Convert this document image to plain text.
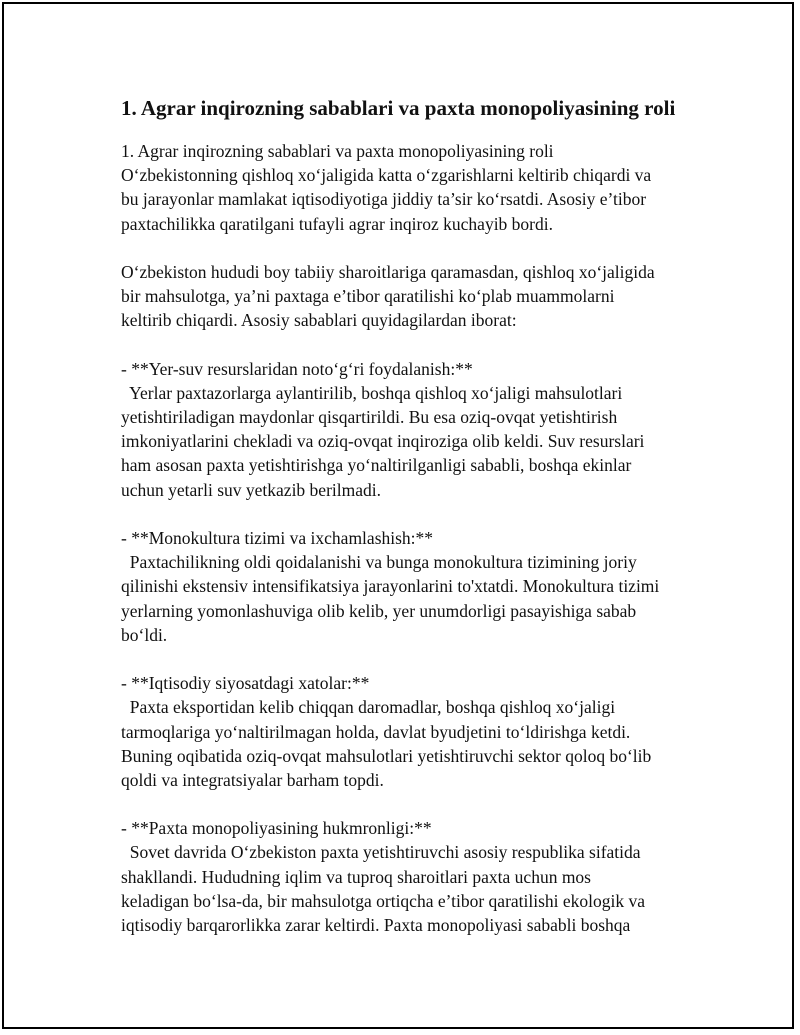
1. Agrar inqirozning sabablari va paxta monopoliyasining roli
1. Agrar inqirozning sabablari va paxta monopoliyasining roli
O‘zbekistonning qishloq xo‘jaligida katta o‘zgarishlarni keltirib chiqardi va
bu jarayonlar mamlakat iqtisodiyotiga jiddiy ta’sir ko‘rsatdi. Asosiy e’tibor
paxtachilikka qaratilgani tufayli agrar inqiroz kuchayib bordi.
O‘zbekiston hududi boy tabiiy sharoitlariga qaramasdan, qishloq xo‘jaligida
bir mahsulotga, ya’ni paxtaga e’tibor qaratilishi ko‘plab muammolarni
keltirib chiqardi. Asosiy sabablari quyidagilardan iborat:
- **Yer-suv resurslaridan noto‘g‘ri foydalanish:**
Yerlar paxtazorlarga aylantirilib, boshqa qishloq xo‘jaligi mahsulotlari
yetishtiriladigan maydonlar qisqartirildi. Bu esa oziq-ovqat yetishtirish
imkoniyatlarini chekladi va oziq-ovqat inqiroziga olib keldi. Suv resurslari
ham asosan paxta yetishtirishga yo‘naltirilganligi sababli, boshqa ekinlar
uchun yetarli suv yetkazib berilmadi.
- **Monokultura tizimi va ixchamlashish:**
Paxtachilikning oldi qoidalanishi va bunga monokultura tizimining joriy
qilinishi ekstensiv intensifikatsiya jarayonlarini to'xtatdi. Monokultura tizimi
yerlarning yomonlashuviga olib kelib, yer unumdorligi pasayishiga sabab
bo‘ldi.
- **Iqtisodiy siyosatdagi xatolar:**
Paxta eksportidan kelib chiqqan daromadlar, boshqa qishloq xo‘jaligi
tarmoqlariga yo‘naltirilmagan holda, davlat byudjetini to‘ldirishga ketdi.
Buning oqibatida oziq-ovqat mahsulotlari yetishtiruvchi sektor qoloq bo‘lib
qoldi va integratsiyalar barham topdi.
- **Paxta monopoliyasining hukmronligi:**
Sovet davrida O‘zbekiston paxta yetishtiruvchi asosiy respublika sifatida
shakllandi. Hududning iqlim va tuproq sharoitlari paxta uchun mos
keladigan bo‘lsa-da, bir mahsulotga ortiqcha e’tibor qaratilishi ekologik va
iqtisodiy barqarorlikka zarar keltirdi. Paxta monopoliyasi sababli boshqa
